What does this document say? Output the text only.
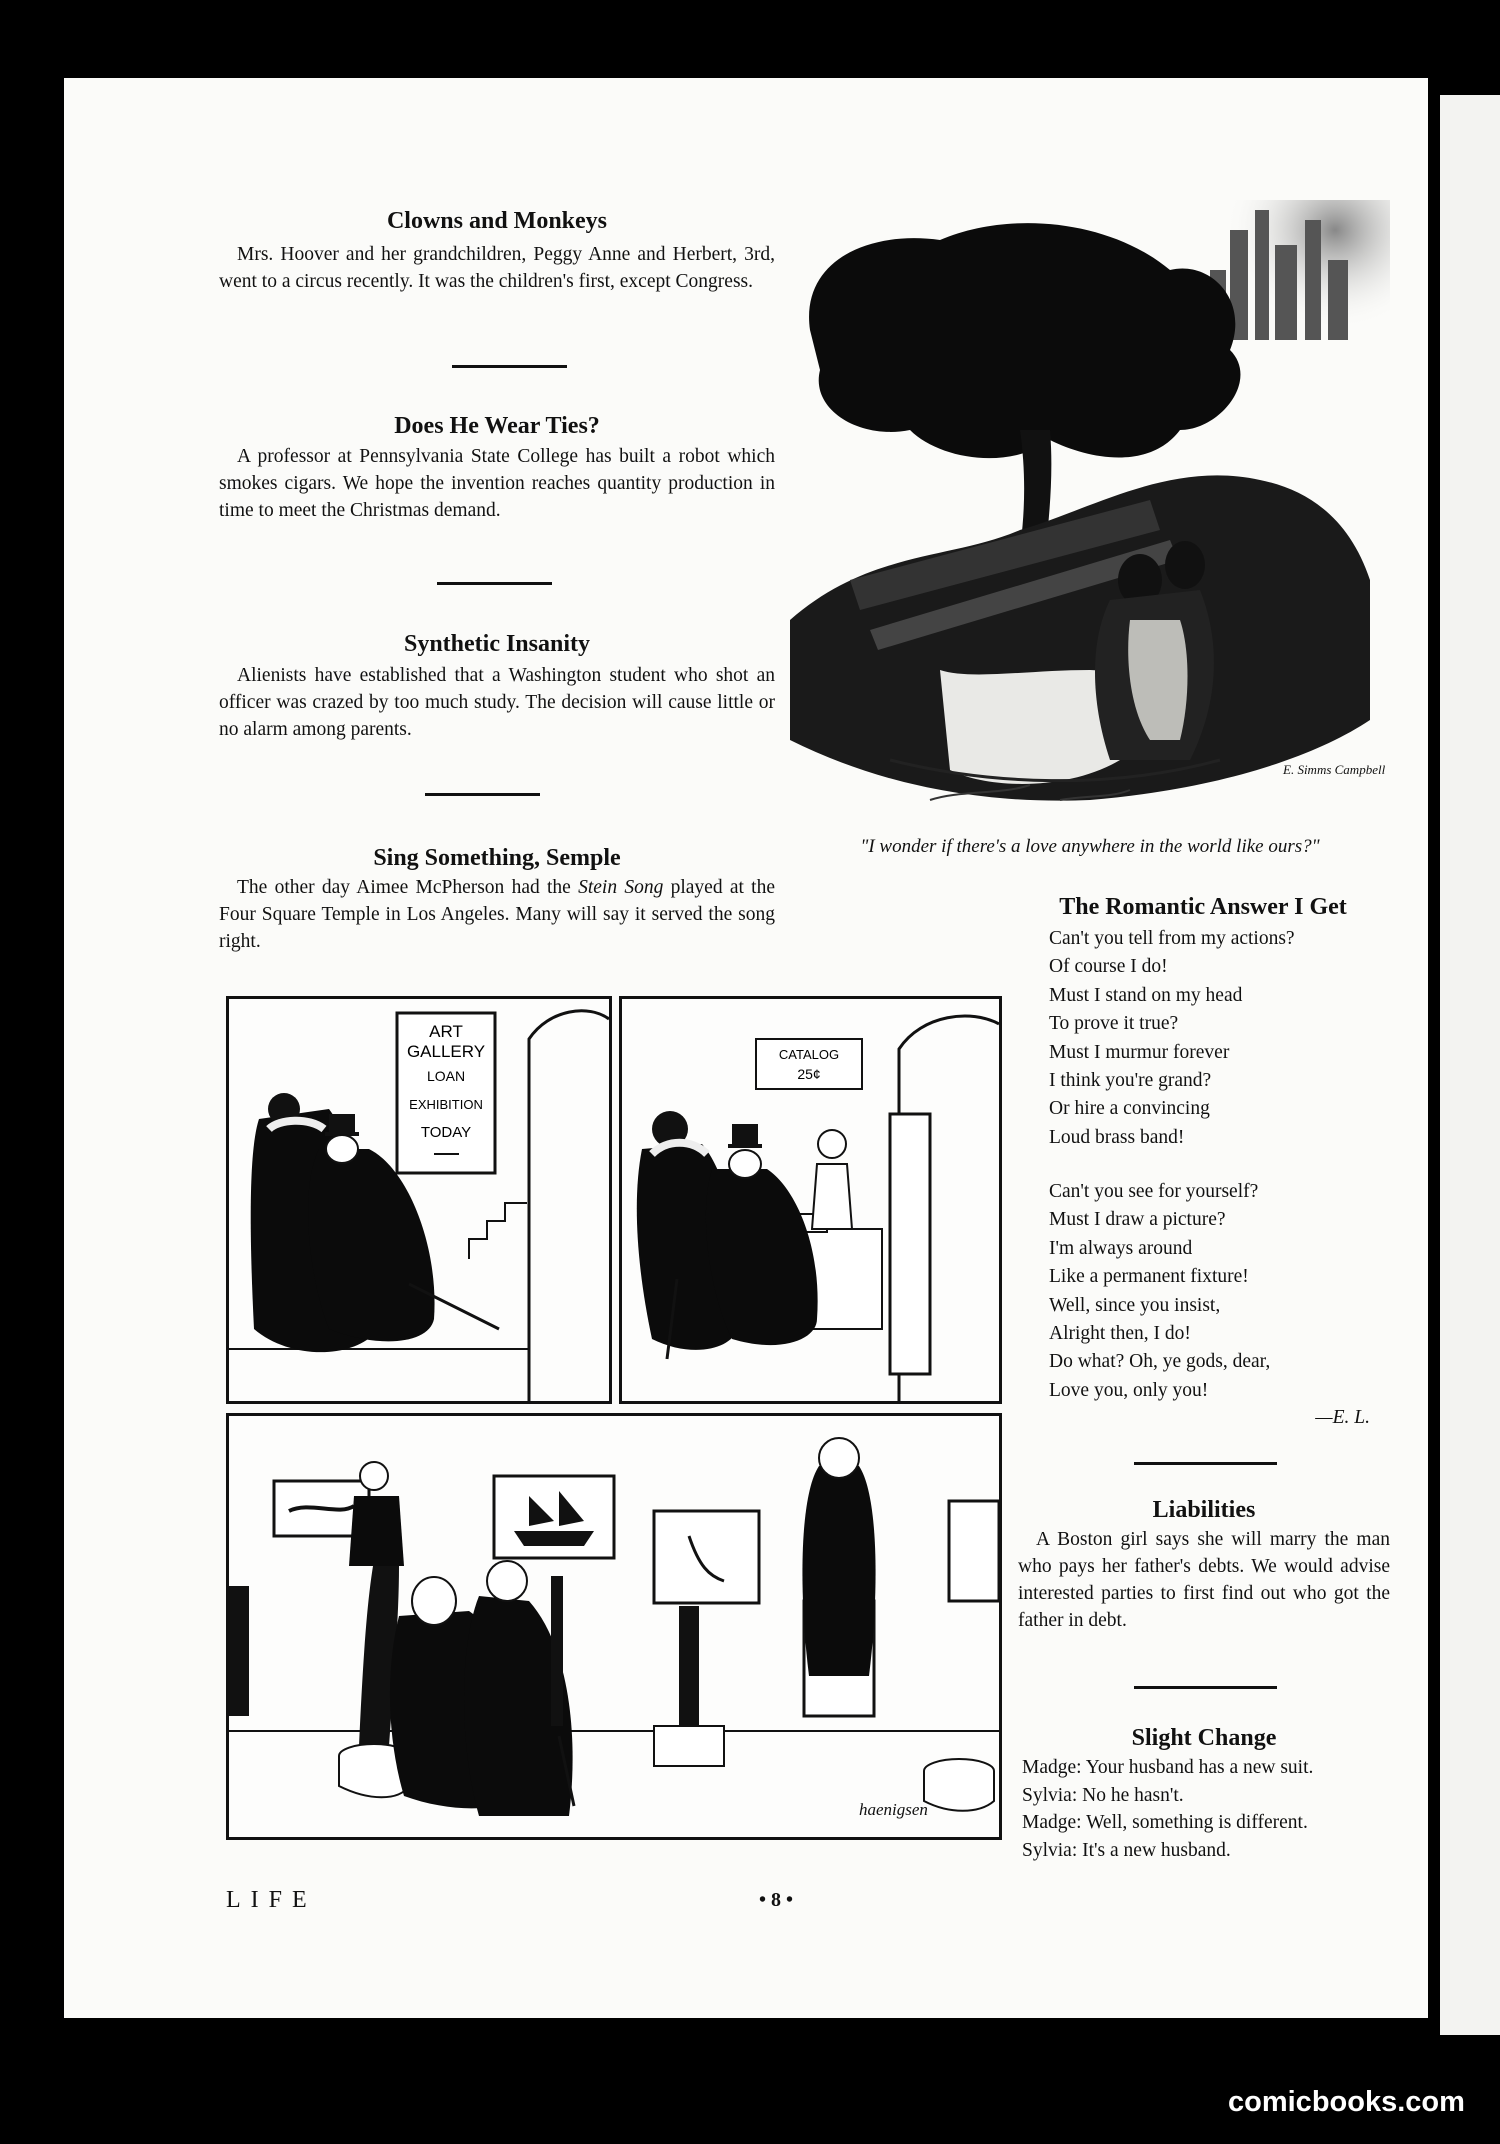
Clowns and Monkeys

Mrs. Hoover and her grandchildren, Peggy Anne and Herbert, 3rd, went to a circus recently. It was the children's first, except Congress.

Does He Wear Ties?

A professor at Pennsylvania State College has built a robot which smokes cigars. We hope the invention reaches quantity production in time to meet the Christmas demand.

Synthetic Insanity

Alienists have established that a Washington student who shot an officer was crazed by too much study. The decision will cause little or no alarm among parents.

Sing Something, Semple

The other day Aimee McPherson had the Stein Song played at the Four Square Temple in Los Angeles. Many will say it served the song right.

E. Simms Campbell
"I wonder if there's a love anywhere in the world like ours?"
The Romantic Answer I Get
Can't you tell from my actions?
Of course I do!
Must I stand on my head
To prove it true?
Must I murmur forever
I think you're grand?
Or hire a convincing
Loud brass band!
Can't you see for yourself?
Must I draw a picture?
I'm always around
Like a permanent fixture!
Well, since you insist,
Alright then, I do!
Do what? Oh, ye gods, dear,
Love you, only you!
—E. L.
Liabilities

A Boston girl says she will marry the man who pays her father's debts. We would advise interested parties to first find out who got the father in debt.

Slight Change
Madge: Your husband has a new suit.
Sylvia: No he hasn't.
Madge: Well, something is different.
Sylvia: It's a new husband.
ART
GALLERY
LOAN
EXHIBITION
TODAY
CATALOG
25¢
haenigsen
LIFE	• 8 •
comicbooks.com
